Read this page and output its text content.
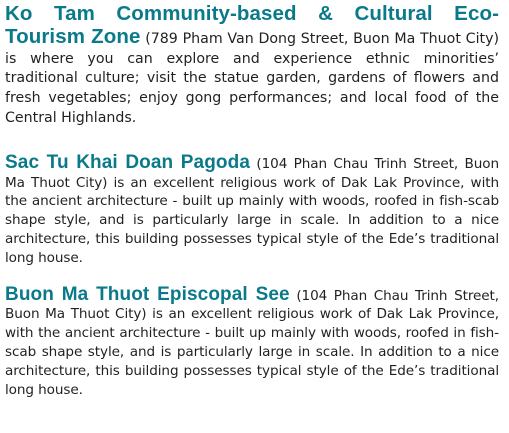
Ko Tam Community-based & Cultural Eco-Tourism Zone (789 Pham Van Dong Street, Buon Ma Thuot City) is where you can explore and experience ethnic minorities’ traditional culture; visit the statue garden, gardens of flowers and fresh vegetables; enjoy gong performances; and local food of the Central Highlands.

Sac Tu Khai Doan Pagoda (104 Phan Chau Trinh Street, Buon Ma Thuot City) is an excellent religious work of Dak Lak Province, with the ancient architecture - built up mainly with woods, roofed in fish-scab shape style, and is particularly large in scale. In addition to a nice architecture, this building possesses typical style of the Ede’s traditional long house.

Buon Ma Thuot Episcopal See (104 Phan Chau Trinh Street, Buon Ma Thuot City) is an excellent religious work of Dak Lak Province, with the ancient architecture - built up mainly with woods, roofed in fish-scab shape style, and is particularly large in scale. In addition to a nice architecture, this building possesses typical style of the Ede’s traditional long house.
